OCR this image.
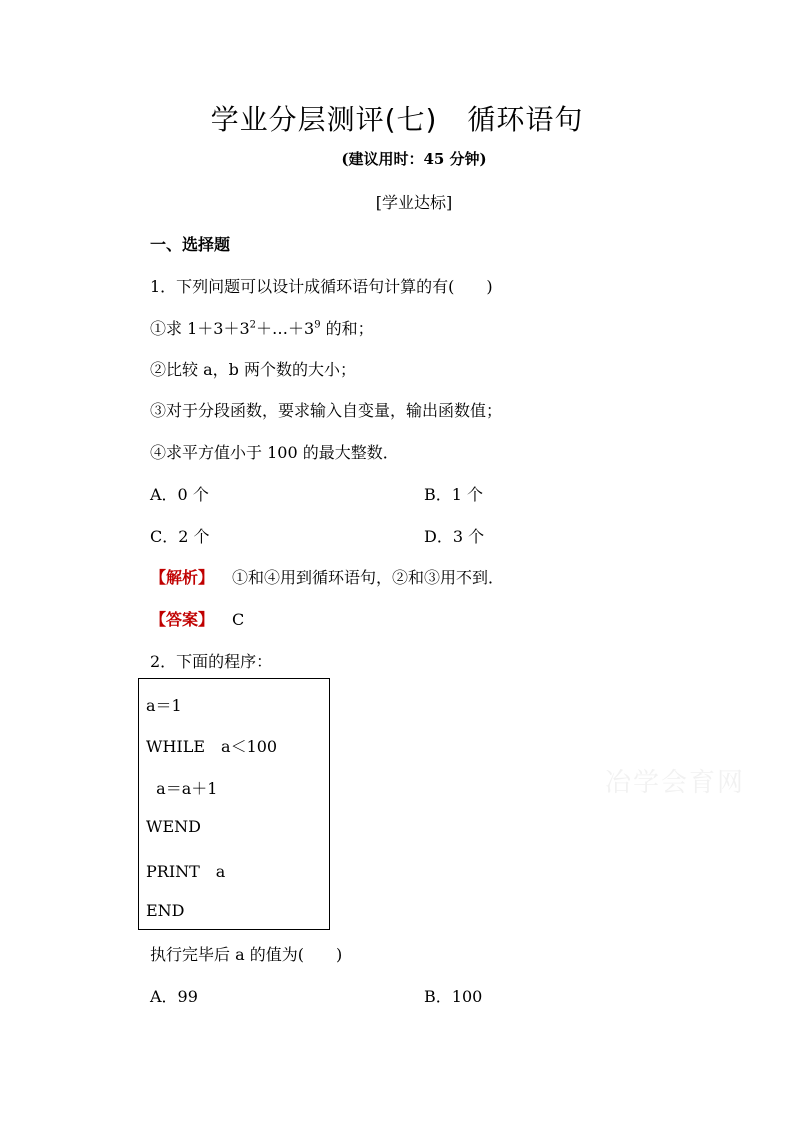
学业分层测评(七) 循环语句
(建议用时：45 分钟)
[学业达标]
一、选择题
1．下列问题可以设计成循环语句计算的有(　　)
①求 $1+3+3^2+\dots+3^9$ 的和；
②比较 a，b 两个数的大小；
③对于分段函数，要求输入自变量，输出函数值；
④求平方值小于 100 的最大整数．
A．0 个	B．1 个
C．2 个	D．3 个
【解析】 ①和④用到循环语句，②和③用不到．
【答案】 C
2．下面的程序：
a＝1
WHILE　a＜100
a＝a＋1
WEND
PRINT　a
END
冶学会育网
执行完毕后 a 的值为(　　)
A．99	B．100
